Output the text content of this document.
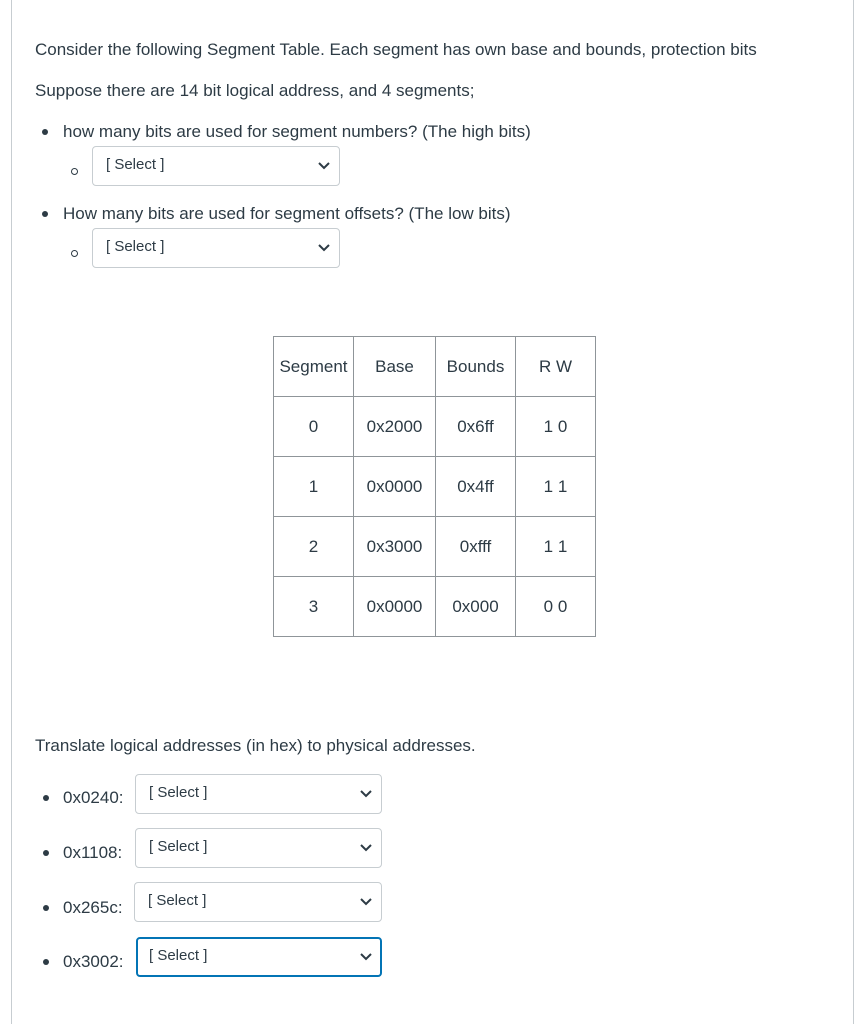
Consider the following Segment Table. Each segment has own base and bounds, protection bits
Suppose there are 14 bit logical address, and 4 segments;
how many bits are used for segment numbers? (The high bits)
[ Select ]
How many bits are used for segment offsets? (The low bits)
[ Select ]
Segment	Base	Bounds	R W
0	0x2000	0x6ff	1 0
1	0x0000	0x4ff	1 1
2	0x3000	0xfff	1 1
3	0x0000	0x000	0 0
Translate logical addresses (in hex) to physical addresses.
0x0240: [ Select ]
0x1108: [ Select ]
0x265c: [ Select ]
0x3002: [ Select ]
